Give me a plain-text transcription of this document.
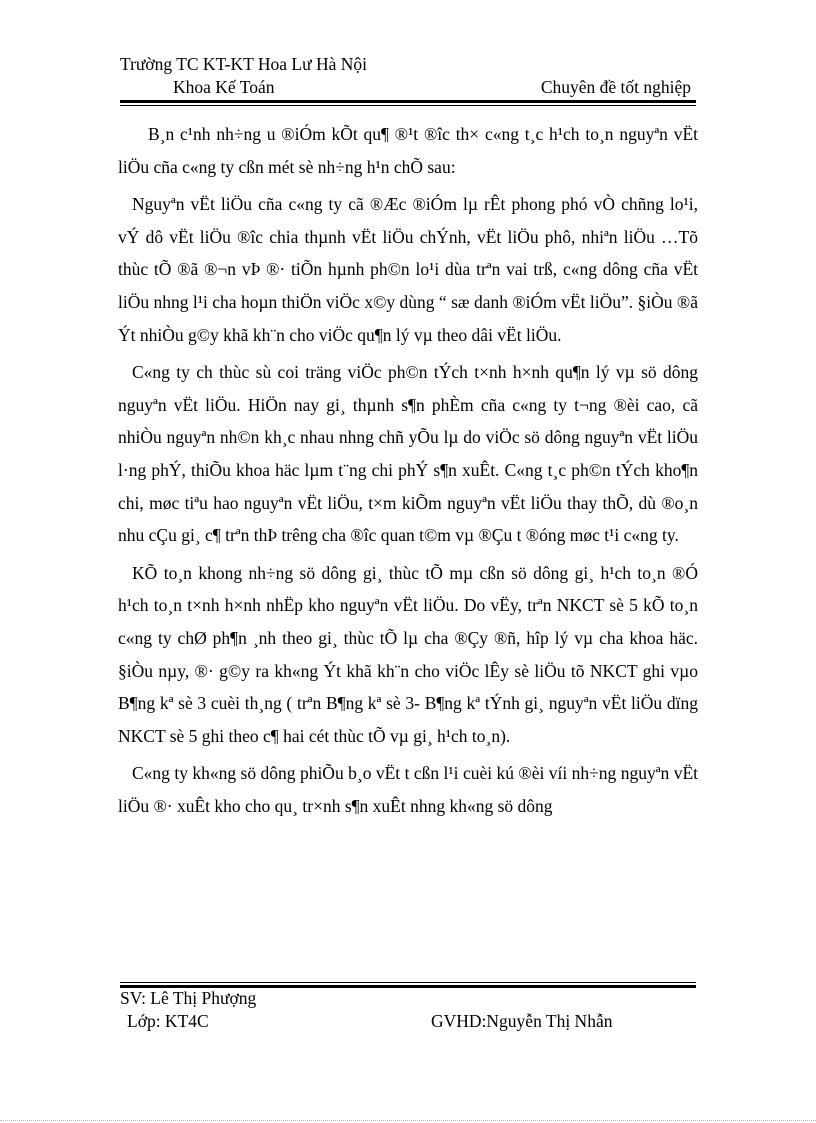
Trường TC KT-KT Hoa Lư Hà Nội
Khoa Kế Toán	Chuyên đề tốt nghiệp

B¸n c¹nh nh÷ng u ®iÓm kÕt qu¶ ®¹t ®îc th× c«ng t¸c h¹ch to¸n nguyªn vËt liÖu cña c«ng ty cßn mét sè nh÷ng h¹n chÕ sau:

Nguyªn vËt liÖu cña c«ng ty cã ®Æc ®iÓm lµ rÊt phong phó vÒ chñng lo¹i, vÝ dô vËt liÖu ®îc chia thµnh vËt liÖu chÝnh, vËt liÖu phô, nhiªn liÖu …Tõ thùc tÕ ®ã ®¬n vÞ ®· tiÕn hµnh ph©n lo¹i dùa trªn vai trß, c«ng dông cña vËt liÖu nhng l¹i cha hoµn thiÖn viÖc x©y dùng “ sæ danh ®iÓm vËt liÖu”. §iÒu ®ã Ýt nhiÒu g©y khã kh¨n cho viÖc qu¶n lý vµ theo dâi vËt liÖu.

C«ng ty ch thùc sù coi träng viÖc ph©n tÝch t×nh h×nh qu¶n lý vµ sö dông nguyªn vËt liÖu. HiÖn nay gi¸ thµnh s¶n phÈm cña c«ng ty t¬ng ®èi cao, cã nhiÒu nguyªn nh©n kh¸c nhau nhng chñ yÕu lµ do viÖc sö dông nguyªn vËt liÖu l·ng phÝ, thiÕu khoa häc lµm t¨ng chi phÝ s¶n xuÊt. C«ng t¸c ph©n tÝch kho¶n chi, møc tiªu hao nguyªn vËt liÖu, t×m kiÕm nguyªn vËt liÖu thay thÕ, dù ®o¸n nhu cÇu gi¸ c¶ trªn thÞ trêng cha ®îc quan t©m vµ ®Çu t ®óng møc t¹i c«ng ty.

KÕ to¸n khong nh÷ng sö dông gi¸ thùc tÕ mµ cßn sö dông gi¸ h¹ch to¸n ®Ó h¹ch to¸n t×nh h×nh nhËp kho nguyªn vËt liÖu. Do vËy, trªn NKCT sè 5 kÕ to¸n c«ng ty chØ ph¶n ¸nh theo gi¸ thùc tÕ lµ cha ®Çy ®ñ, hîp lý vµ cha khoa häc. §iÒu nµy, ®· g©y ra kh«ng Ýt khã kh¨n cho viÖc lÊy sè liÖu tõ NKCT ghi vµo B¶ng kª sè 3 cuèi th¸ng ( trªn B¶ng kª sè 3- B¶ng kª tÝnh gi¸ nguyªn vËt liÖu dïng NKCT sè 5 ghi theo c¶ hai cét thùc tÕ vµ gi¸ h¹ch to¸n).

C«ng ty kh«ng sö dông phiÕu b¸o vËt t cßn l¹i cuèi kú ®èi víi nh÷ng nguyªn vËt liÖu ®· xuÊt kho cho qu¸ tr×nh s¶n xuÊt nhng kh«ng sö dông

SV: Lê Thị Phượng
Lớp: KT4C	GVHD:Nguyễn Thị Nhẫn
